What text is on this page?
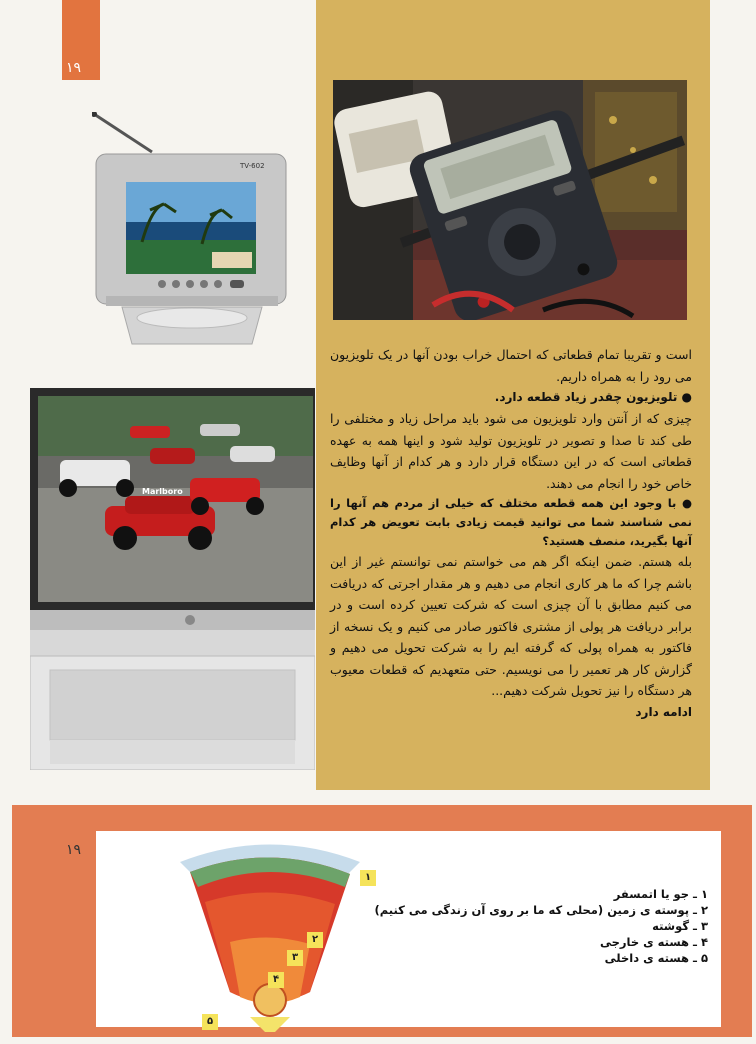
۱۹
TV-602
Marlboro

است و تقریبا تمام قطعاتی که احتمال خراب بودن آنها در یک تلویزیون می رود را به همراه داریم.

● تلویزیون چقدر زیاد قطعه دارد.

چیزی که از آنتن وارد تلویزیون می شود باید مراحل زیاد و مختلفی را طی کند تا صدا و تصویر در تلویزیون تولید شود و اینها همه به عهده قطعاتی است که در این دستگاه قرار دارد و هر کدام از آنها وظایف خاص خود را انجام می دهند.

● با وجود این همه قطعه مختلف که خیلی از مردم هم آنها را نمی شناسند شما می توانید قیمت زیادی بابت تعویض هر کدام آنها بگیرید، منصف هستید؟

بله هستم. ضمن اینکه اگر هم می خواستم نمی توانستم غیر از این باشم چرا که ما هر کاری انجام می دهیم و هر مقدار اجرتی که دریافت می کنیم مطابق با آن چیزی است که شرکت تعیین کرده است و در برابر دریافت هر پولی از مشتری فاکتور صادر می کنیم و یک نسخه از فاکتور به همراه پولی که گرفته ایم را به شرکت تحویل می دهیم و گزارش کار هر تعمیر را می نویسیم. حتی متعهدیم که قطعات معیوب هر دستگاه را نیز تحویل شرکت دهیم...

ادامه دارد

۱۹
۱
۲
۳
۴
۵
۱ ـ جو یا اتمسفر
۲ ـ پوسته ی زمین (محلی که ما بر روی آن زندگی می کنیم)
۳ ـ گوشته
۴ ـ هسته ی خارجی
۵ ـ هسته ی داخلی
